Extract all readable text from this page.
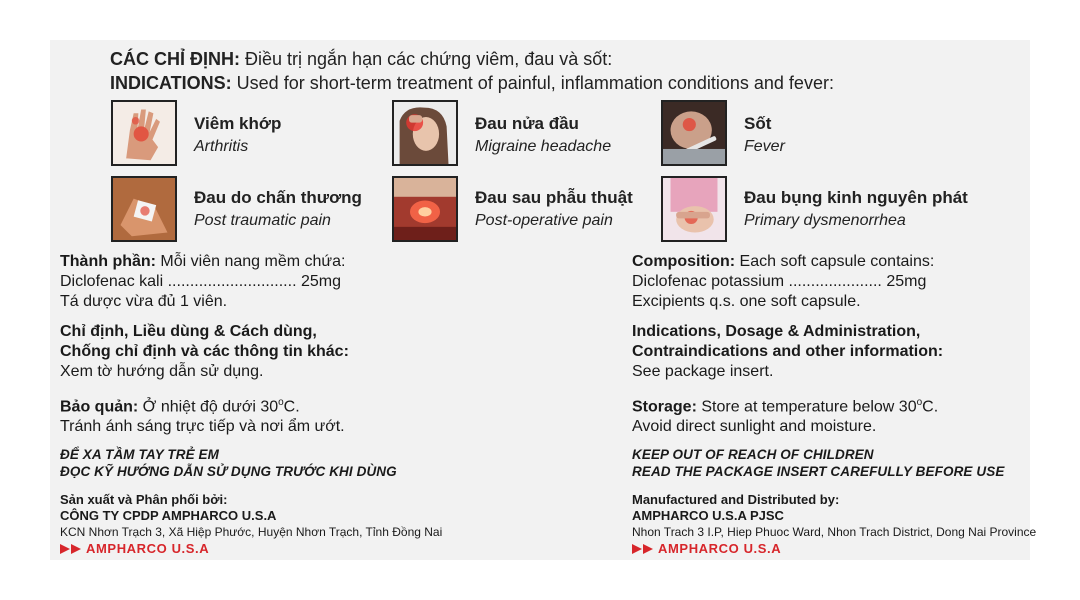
CÁC CHỈ ĐỊNH: Điều trị ngắn hạn các chứng viêm, đau và sốt:
INDICATIONS: Used for short-term treatment of painful, inflammation conditions and fever:
Viêm khớp
Arthritis
Đau nửa đầu
Migraine headache
Sốt
Fever
Đau do chấn thương
Post traumatic pain
Đau sau phẫu thuật
Post-operative pain
Đau bụng kinh nguyên phát
Primary dysmenorrhea
Thành phần: Mỗi viên nang mềm chứa:
Diclofenac kali ............................. 25mg
Tá dược vừa đủ 1 viên.
Chỉ định, Liều dùng & Cách dùng,
Chống chỉ định và các thông tin khác:
Xem tờ hướng dẫn sử dụng.
Bảo quản: Ở nhiệt độ dưới 30$^o$C.
Tránh ánh sáng trực tiếp và nơi ẩm ướt.
ĐỂ XA TẦM TAY TRẺ EM
ĐỌC KỸ HƯỚNG DẪN SỬ DỤNG TRƯỚC KHI DÙNG
Sản xuất và Phân phối bởi:
CÔNG TY CPDP AMPHARCO U.S.A
KCN Nhơn Trạch 3, Xã Hiệp Phước, Huyện Nhơn Trạch, Tỉnh Đồng Nai
AMPHARCO U.S.A
Composition: Each soft capsule contains:
Diclofenac potassium ..................... 25mg
Excipients q.s. one soft capsule.
Indications, Dosage & Administration,
Contraindications and other information:
See package insert.
Storage: Store at temperature below 30$^o$C.
Avoid direct sunlight and moisture.
KEEP OUT OF REACH OF CHILDREN
READ THE PACKAGE INSERT CAREFULLY BEFORE USE
Manufactured and Distributed by:
AMPHARCO U.S.A PJSC
Nhon Trach 3 I.P, Hiep Phuoc Ward, Nhon Trach District, Dong Nai Province
AMPHARCO U.S.A
